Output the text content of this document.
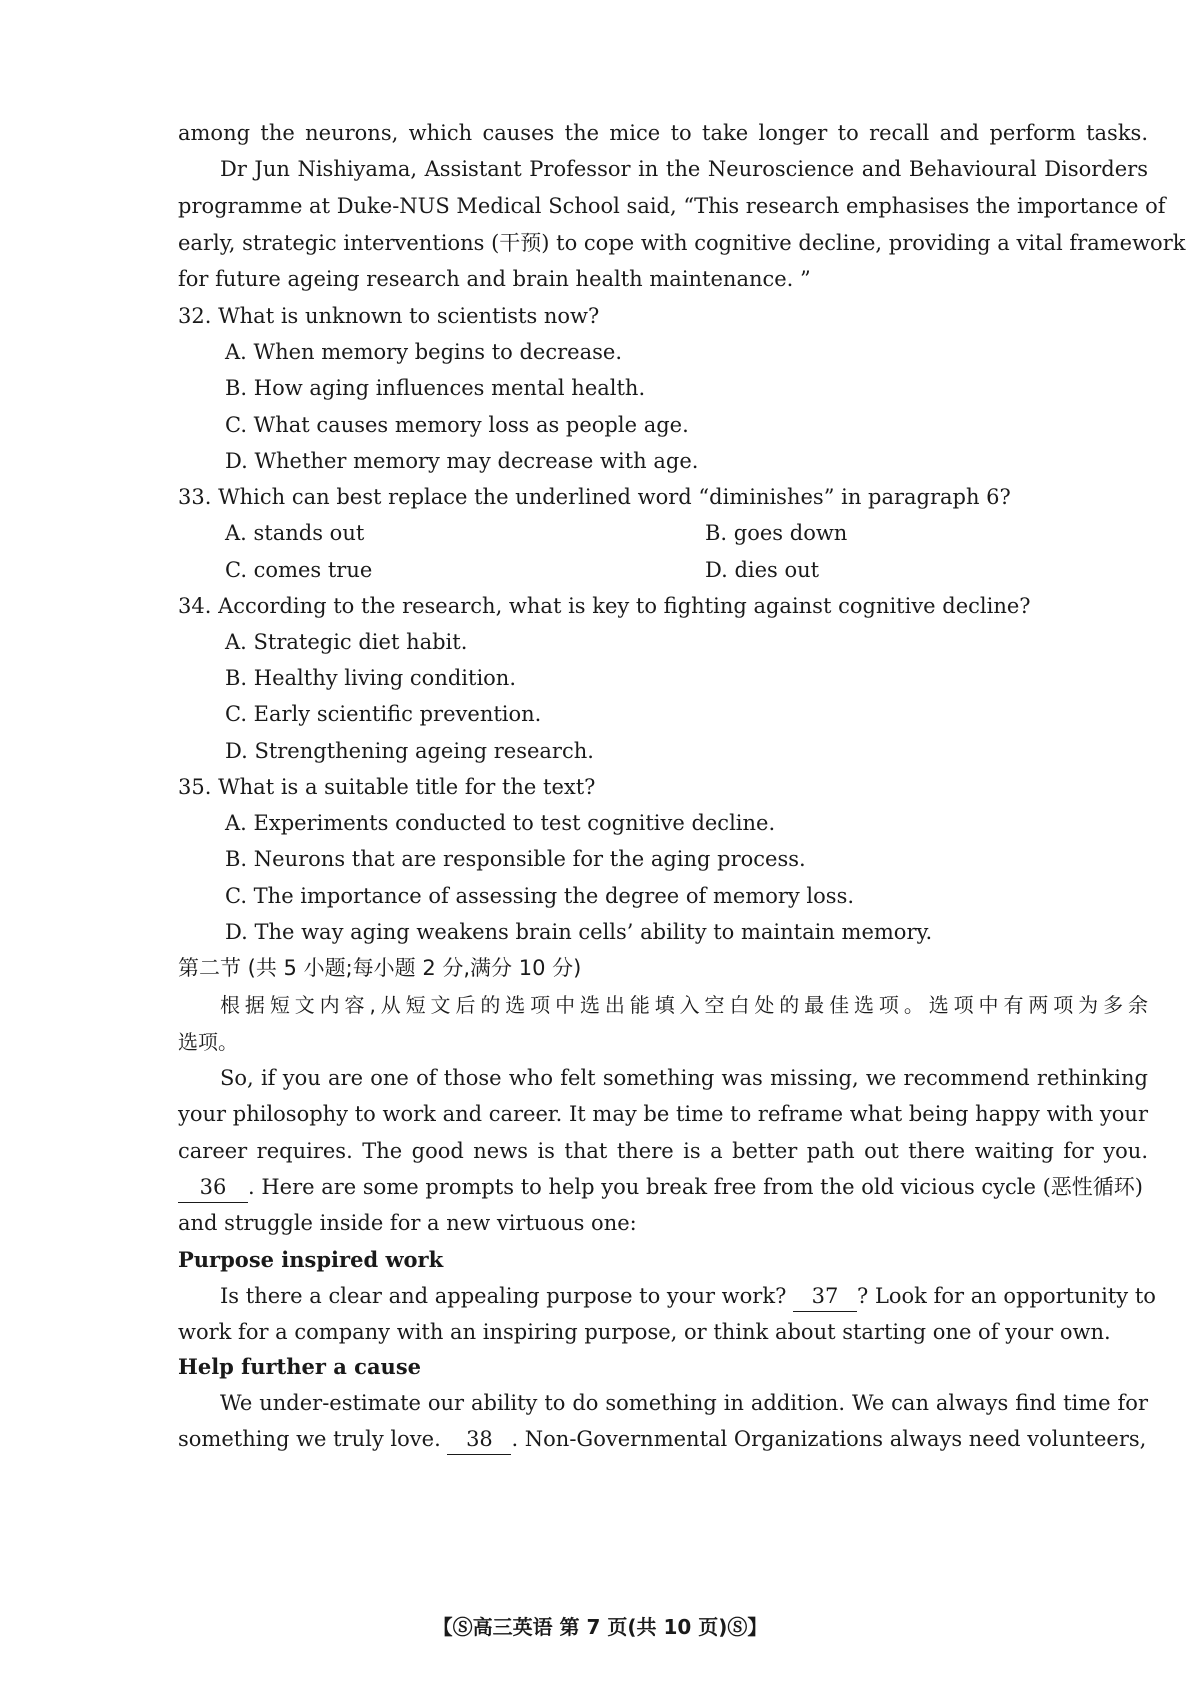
among the neurons, which causes the mice to take longer to recall and perform tasks.
Dr Jun Nishiyama, Assistant Professor in the Neuroscience and Behavioural Disorders
programme at Duke-NUS Medical School said, “This research emphasises the importance of
early, strategic interventions (干预) to cope with cognitive decline, providing a vital framework
for future ageing research and brain health maintenance. ”
32. What is unknown to scientists now?
A. When memory begins to decrease.
B. How aging influences mental health.
C. What causes memory loss as people age.
D. Whether memory may decrease with age.
33. Which can best replace the underlined word “diminishes” in paragraph 6?
A. stands out	B. goes down
C. comes true	D. dies out
34. According to the research, what is key to fighting against cognitive decline?
A. Strategic diet habit.
B. Healthy living condition.
C. Early scientific prevention.
D. Strengthening ageing research.
35. What is a suitable title for the text?
A. Experiments conducted to test cognitive decline.
B. Neurons that are responsible for the aging process.
C. The importance of assessing the degree of memory loss.
D. The way aging weakens brain cells’ ability to maintain memory.
第二节 (共 5 小题;每小题 2 分,满分 10 分)
根据短文内容,从短文后的选项中选出能填入空白处的最佳选项。选项中有两项为多余
选项。
So, if you are one of those who felt something was missing, we recommend rethinking
your philosophy to work and career. It may be time to reframe what being happy with your
career requires. The good news is that there is a better path out there waiting for you.
36 . Here are some prompts to help you break free from the old vicious cycle (恶性循环)
and struggle inside for a new virtuous one:
Purpose inspired work
Is there a clear and appealing purpose to your work? 37 ? Look for an opportunity to
work for a company with an inspiring purpose, or think about starting one of your own.
Help further a cause
We under-estimate our ability to do something in addition. We can always find time for
something we truly love. 38 . Non-Governmental Organizations always need volunteers,
【Ⓢ高三英语 第 7 页(共 10 页)Ⓢ】
